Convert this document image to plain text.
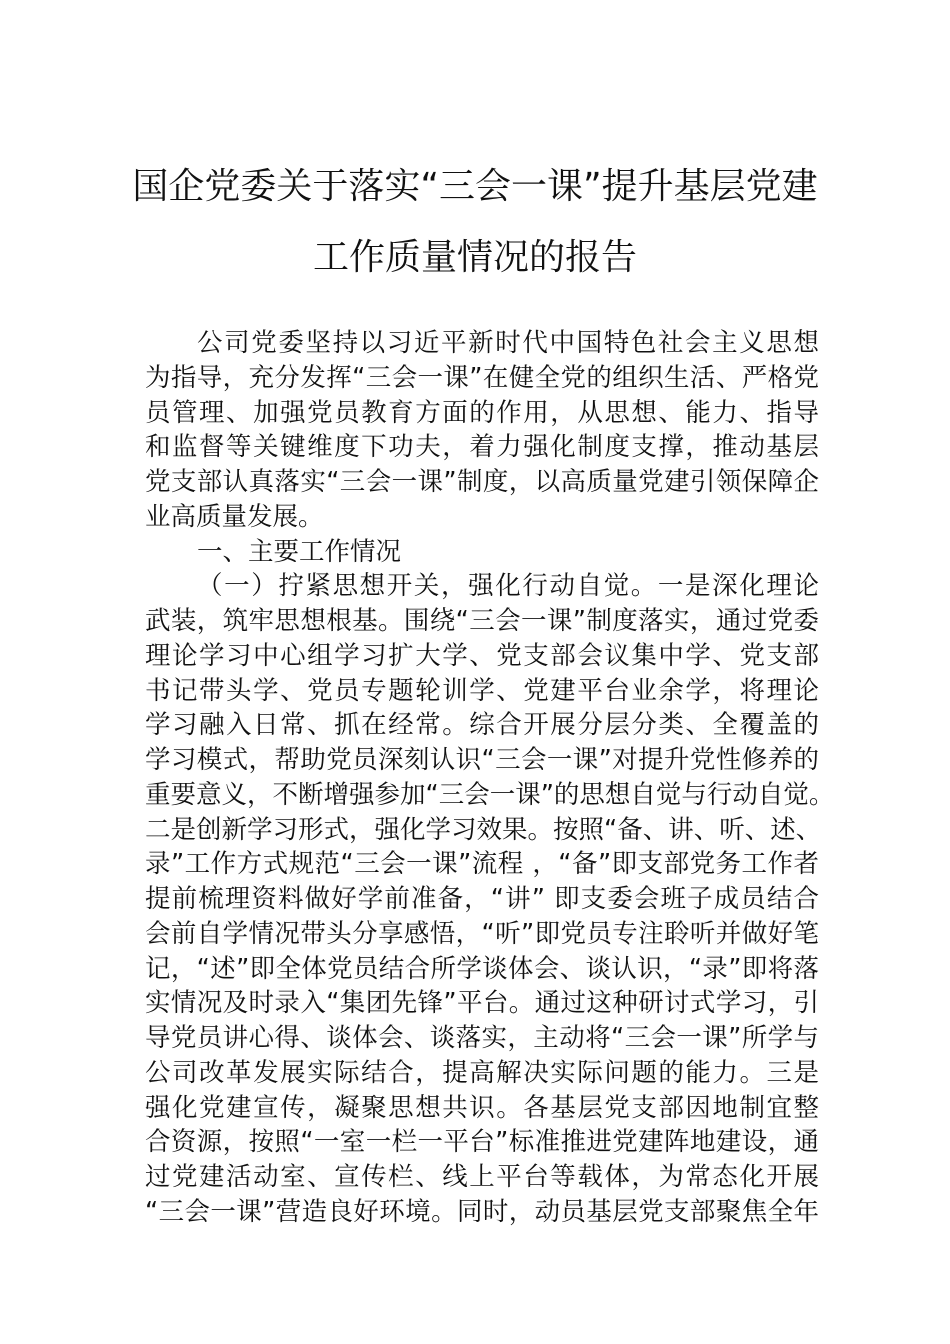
国企党委关于落实“三会一课”提升基层党建
工作质量情况的报告
公司党委坚持以习近平新时代中国特色社会主义思想
为指导，充分发挥“三会一课”在健全党的组织生活、严格党
员管理、加强党员教育方面的作用，从思想、能力、指导
和监督等关键维度下功夫，着力强化制度支撑，推动基层
党支部认真落实“三会一课”制度，以高质量党建引领保障企
业高质量发展。
一、主要工作情况
（一）拧紧思想开关，强化行动自觉。一是深化理论
武装，筑牢思想根基。围绕“三会一课”制度落实，通过党委
理论学习中心组学习扩大学、党支部会议集中学、党支部
书记带头学、党员专题轮训学、党建平台业余学，将理论
学习融入日常、抓在经常。综合开展分层分类、全覆盖的
学习模式，帮助党员深刻认识“三会一课”对提升党性修养的
重要意义，不断增强参加“三会一课”的思想自觉与行动自觉。
二是创新学习形式，强化学习效果。按照“备、讲、听、述、
录”工作方式规范“三会一课”流程 ，“备”即支部党务工作者
提前梳理资料做好学前准备，“讲” 即支委会班子成员结合
会前自学情况带头分享感悟，“听”即党员专注聆听并做好笔
记，“述”即全体党员结合所学谈体会、谈认识，“录”即将落
实情况及时录入“集团先锋”平台。通过这种研讨式学习，引
导党员讲心得、谈体会、谈落实，主动将“三会一课”所学与
公司改革发展实际结合，提高解决实际问题的能力。三是
强化党建宣传，凝聚思想共识。各基层党支部因地制宜整
合资源，按照“一室一栏一平台”标准推进党建阵地建设，通
过党建活动室、宣传栏、线上平台等载体，为常态化开展
“三会一课”营造良好环境。同时，动员基层党支部聚焦全年
